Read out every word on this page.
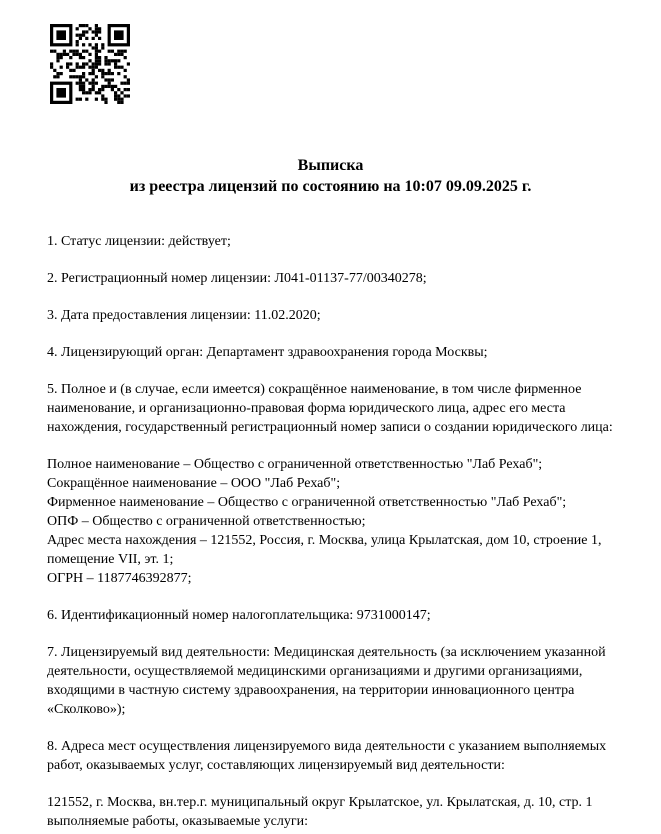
Выписка
из реестра лицензий по состоянию на 10:07 09.09.2025 г.

1. Статус лицензии: действует;

2. Регистрационный номер лицензии: Л041-01137-77/00340278;

3. Дата предоставления лицензии: 11.02.2020;

4. Лицензирующий орган: Департамент здравоохранения города Москвы;

5. Полное и (в случае, если имеется) сокращённое наименование, в том числе фирменное наименование, и организационно-правовая форма юридического лица, адрес его места нахождения, государственный регистрационный номер записи о создании юридического лица:

Полное наименование – Общество с ограниченной ответственностью "Лаб Рехаб";
Сокращённое наименование – ООО "Лаб Рехаб";
Фирменное наименование – Общество с ограниченной ответственностью "Лаб Рехаб";
ОПФ – Общество с ограниченной ответственностью;
Адрес места нахождения – 121552, Россия, г. Москва, улица Крылатская, дом 10, строение 1, помещение VII, эт. 1;
ОГРН – 1187746392877;

6. Идентификационный номер налогоплательщика: 9731000147;

7. Лицензируемый вид деятельности: Медицинская деятельность (за исключением указанной деятельности, осуществляемой медицинскими организациями и другими организациями, входящими в частную систему здравоохранения, на территории инновационного центра «Сколково»);

8. Адреса мест осуществления лицензируемого вида деятельности с указанием выполняемых работ, оказываемых услуг, составляющих лицензируемый вид деятельности:

121552, г. Москва, вн.тер.г. муниципальный округ Крылатское, ул. Крылатская, д. 10, стр. 1
выполняемые работы, оказываемые услуги:
